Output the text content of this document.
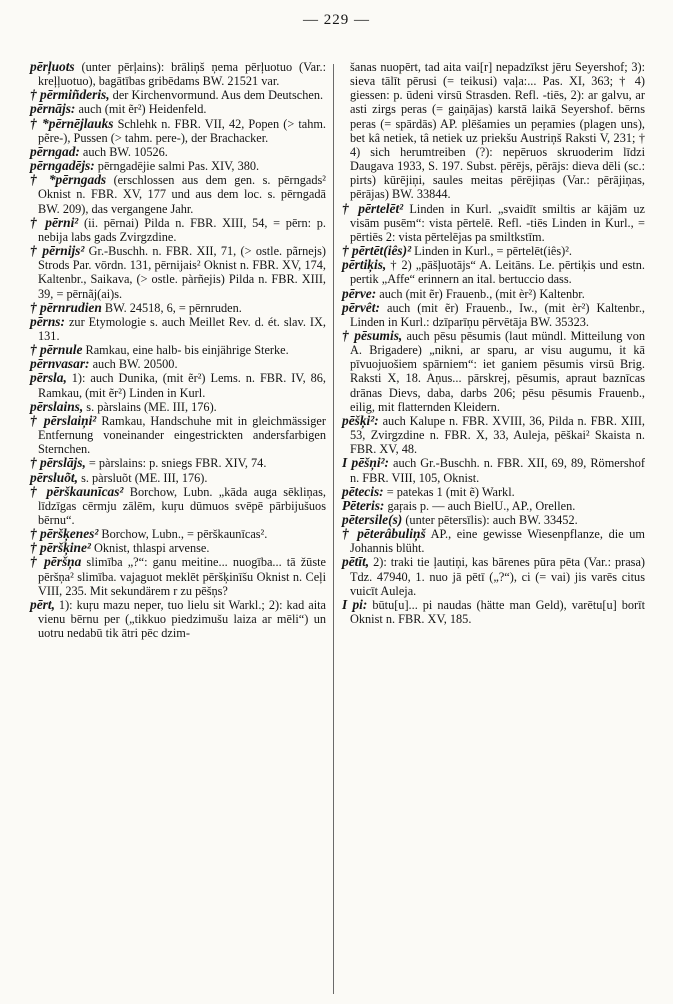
— 229 —

pērļuots (unter pērļains): brāliņš ņema pērļuotuo (Var.: kreļļuotuo), bagātības gribēdams BW. 21521 var.

† pērmiñderis, der Kirchenvormund. Aus dem Deutschen.

pērnājs: auch (mit ẽr²) Heidenfeld.

† *pērnējlauks Schlehk n. FBR. VII, 42, Popen (> tahm. pẽre-), Pussen (> tahm. pere-), der Brachacker.

pērngad: auch BW. 10526.

pērngadējs: pērngadējie salmi Pas. XIV, 380.

† *pērngads (erschlossen aus dem gen. s. pērngads² Oknist n. FBR. XV, 177 und aus dem loc. s. pērngadā BW. 209), das vergangene Jahr.

† pērni² (ii. pērnai) Pilda n. FBR. XIII, 54, = pērn: p. nebija labs gads Zvirgzdine.

† pērnijs² Gr.-Buschh. n. FBR. XII, 71, (> ostle. pãrnejs) Strods Par. vōrdn. 131, pērnijais² Oknist n. FBR. XV, 174, Kaltenbr., Saikava, (> ostle. pàrñejis) Pilda n. FBR. XIII, 39, = pērnãj(ai)s.

† pērnrudien BW. 24518, 6, = pērnruden.

pērns: zur Etymologie s. auch Meillet Rev. d. ét. slav. IX, 131.

† pērnule Ramkau, eine halb- bis einjährige Sterke.

pērnvasar: auch BW. 20500.

pērsla, 1): auch Dunika, (mit ẽr²) Lems. n. FBR. IV, 86, Ramkau, (mit ẽr²) Linden in Kurl.

pērslains, s. pàrslains (ME. III, 176).

† pērslaiņi² Ramkau, Handschuhe mit in gleichmässiger Entfernung voneinander eingestrickten andersfarbigen Sternchen.

† pērslājs, = pàrslains: p. sniegs FBR. XIV, 74.

pērsluõt, s. pàrsluõt (ME. III, 176).

† pērškaunīcas² Borchow, Lubn. „kāda auga sēkliņas, līdzīgas cērmju zālēm, kuŗu dūmuos svēpē pārbijušuos bērnu“.

† pēršķenes² Borchow, Lubn., = pērškaunīcas².

† pēršķine² Oknist, thlaspi arvense.

† pēršņa slimība „?“: ganu meitine... nuogība... tā žūste pēršņa² slimība. vajaguot meklēt pēršķinīšu Oknist n. Ceļi VIII, 235. Mit sekundärem r zu pēšņs?

pērt, 1): kuŗu mazu neper, tuo lielu sit Warkl.; 2): kad aita vienu bērnu per („tikkuo piedzimušu laiza ar mēli“) un uotru nedabū tik ātri pēc dzim-

šanas nuopērt, tad aita vai[r] nepadzīkst jēru Seyershof; 3): sieva tālīt pērusi (= teikusi) vaļa:... Pas. XI, 363; † 4) giessen: p. ūdeni virsū Strasden. Refl. -tiēs, 2): ar galvu, ar asti zirgs peras (= gaiņājas) karstā laikā Seyershof. bērns peras (= spārdās) AP. plēšamies un peŗamies (plagen uns), bet kâ netiek, tâ netiek uz priekšu Austriņš Raksti V, 231; † 4) sich herumtreiben (?): nepēruos skruoderim līdzi Daugava 1933, S. 197. Subst. pērējs, pērājs: dieva dēli (sc.: pirts) kūrējiņi, saules meitas pērējiņas (Var.: pērājiņas, pērājas) BW. 33844.

† pērtelēt² Linden in Kurl. „svaidīt smiltis ar kājām uz visām pusēm“: vista pērtelē. Refl. -tiēs Linden in Kurl., = pērtiēs 2: vista pērtelējas pa smiltkstīm.

† pērtēt(iês)² Linden in Kurl., = pērtelēt(iês)².

pērtiķis, † 2) „pāšļuotājs“ A. Leitāns. Le. pērtiķis und estn. pertik „Affe“ erinnern an ital. bertuccio dass.

pērve: auch (mit ẽr) Frauenb., (mit èr²) Kaltenbr.

pērvêt: auch (mit ẽr) Frauenb., Iw., (mit èr²) Kaltenbr., Linden in Kurl.: dzīparīņu pērvētāja BW. 35323.

† pēsumis, auch pēsu pēsumis (laut mündl. Mitteilung von A. Brigadere) „nikni, ar sparu, ar visu augumu, it kā pīvuojuošiem spārniem“: iet ganiem pēsumis virsū Brig. Raksti X, 18. Aņus... pārskrej, pēsumis, apraut baznīcas drānas Dievs, daba, darbs 206; pēsu pēsumis Frauenb., eilig, mit flatternden Kleidern.

pēšķi²: auch Kalupe n. FBR. XVIII, 36, Pilda n. FBR. XIII, 53, Zvirgzdine n. FBR. X, 33, Auleja, pēškai² Skaista n. FBR. XV, 48.

I pēšņi²: auch Gr.-Buschh. n. FBR. XII, 69, 89, Römershof n. FBR. VIII, 105, Oknist.

pētecis: = patekas 1 (mit ẽ) Warkl.

Pēteris: gaŗais p. — auch BielU., AP., Orellen.

pētersile(s) (unter pētersīlis): auch BW. 33452.

† pēterâbuliņš AP., eine gewisse Wiesenpflanze, die um Johannis blüht.

pētīt, 2): traki tie ļautiņi, kas bārenes pūra pēta (Var.: prasa) Tdz. 47940, 1. nuo jā pētī („?“), ci (= vai) jis varēs citus vuicīt Auleja.

I pi: būtu[u]... pi naudas (hätte man Geld), varētu[u] borīt Oknist n. FBR. XV, 185.
